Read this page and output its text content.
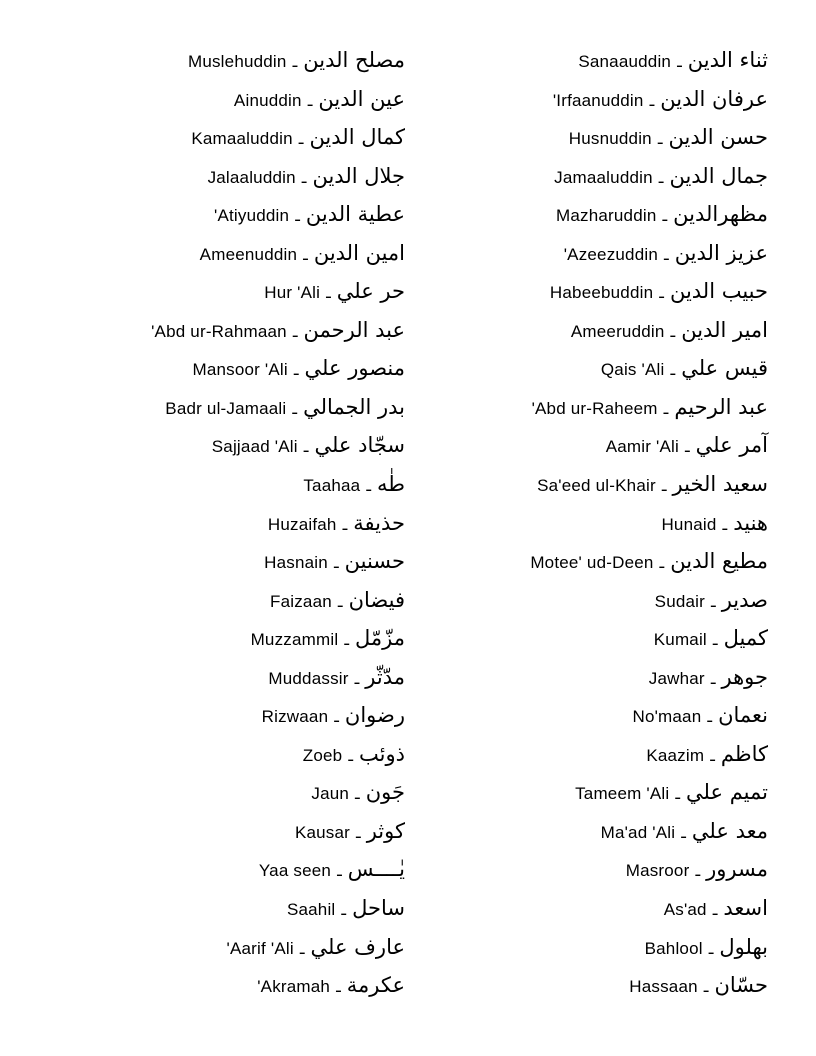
Muslehuddin ـ مصلح الدين
Ainuddin ـ عين الدين
Kamaaluddin ـ كمال الدين
Jalaaluddin ـ جلال الدين
'Atiyuddin ـ عطية الدين
Ameenuddin ـ امين الدين
Hur 'Ali ـ حر علي
'Abd ur-Rahmaan ـ عبد الرحمن
Mansoor 'Ali ـ منصور علي
Badr ul-Jamaali ـ بدر الجمالي
Sajjaad 'Ali ـ سجّاد علي
Taahaa ـ طٰه
Huzaifah ـ حذيفة
Hasnain ـ حسنين
Faizaan ـ فيضان
Muzzammil ـ مزّمّل
Muddassir ـ مدّثّر
Rizwaan ـ رضوان
Zoeb ـ ذوئب
Jaun ـ جَون
Kausar ـ كوثر
Yaa seen ـ يٰــــس
Saahil ـ ساحل
'Aarif 'Ali ـ عارف علي
'Akramah ـ عكرمة
Sanaauddin ـ ثناء الدين
'Irfaanuddin ـ عرفان الدين
Husnuddin ـ حسن الدين
Jamaaluddin ـ جمال الدين
Mazharuddin ـ مظهرالدين
'Azeezuddin ـ عزيز الدين
Habeebuddin ـ حبيب الدين
Ameeruddin ـ امير الدين
Qais 'Ali ـ قيس علي
'Abd ur-Raheem ـ عبد الرحيم
Aamir 'Ali ـ آمر علي
Sa'eed ul-Khair ـ سعيد الخير
Hunaid ـ هنيد
Motee' ud-Deen ـ مطيع الدين
Sudair ـ صدير
Kumail ـ كميل
Jawhar ـ جوهر
No'maan ـ نعمان
Kaazim ـ كاظم
Tameem 'Ali ـ تميم علي
Ma'ad 'Ali ـ معد علي
Masroor ـ مسرور
As'ad ـ اسعد
Bahlool ـ بهلول
Hassaan ـ حسّان
